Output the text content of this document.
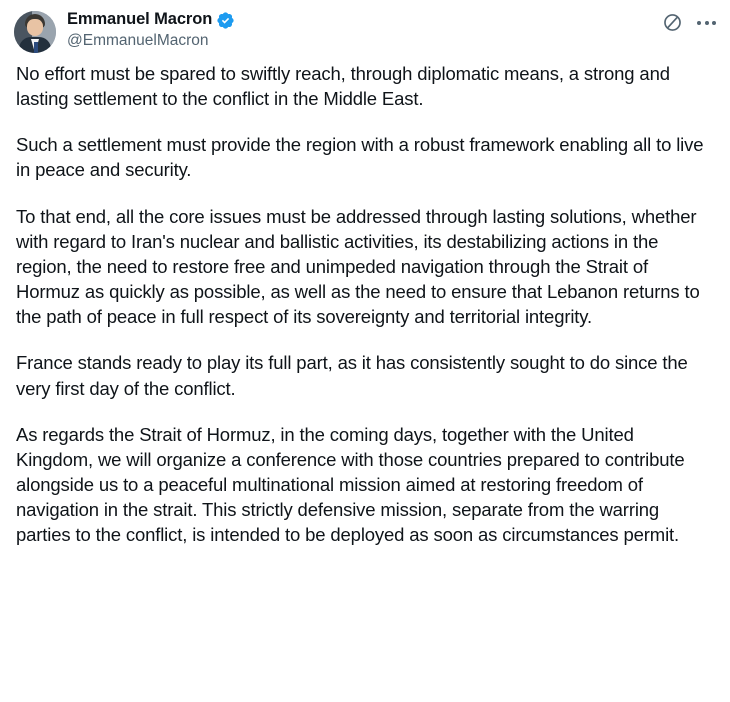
Emmanuel Macron
@EmmanuelMacron

No effort must be spared to swiftly reach, through diplomatic means, a strong and lasting settlement to the conflict in the Middle East.

Such a settlement must provide the region with a robust framework enabling all to live in peace and security.

To that end, all the core issues must be addressed through lasting solutions, whether with regard to Iran's nuclear and ballistic activities, its destabilizing actions in the region, the need to restore free and unimpeded navigation through the Strait of Hormuz as quickly as possible, as well as the need to ensure that Lebanon returns to the path of peace in full respect of its sovereignty and territorial integrity.

France stands ready to play its full part, as it has consistently sought to do since the very first day of the conflict.

As regards the Strait of Hormuz, in the coming days, together with the United Kingdom, we will organize a conference with those countries prepared to contribute alongside us to a peaceful multinational mission aimed at restoring freedom of navigation in the strait. This strictly defensive mission, separate from the warring parties to the conflict, is intended to be deployed as soon as circumstances permit.
